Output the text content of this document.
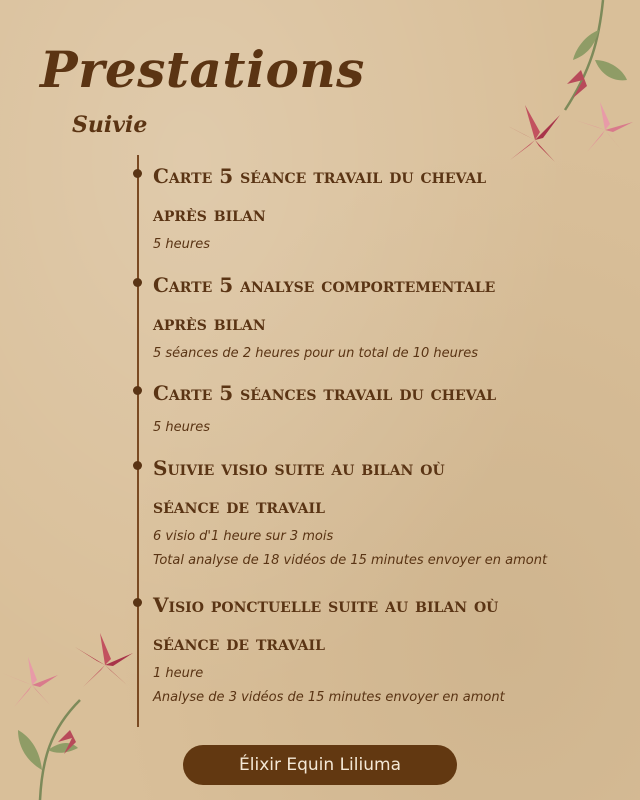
Prestations
Suivie

Carte 5 séance travail du cheval

après bilan

5 heures

Carte 5 analyse comportementale

après bilan

5 séances de 2 heures pour un total de 10 heures

Carte 5 séances travail du cheval

5 heures

Suivie visio suite au bilan où

séance de travail

6 visio d'1 heure sur 3 mois

Total analyse de 18 vidéos de 15 minutes envoyer en amont

Visio ponctuelle suite au bilan où

séance de travail

1 heure

Analyse de 3 vidéos de 15 minutes envoyer en amont

Élixir Equin Liliuma
